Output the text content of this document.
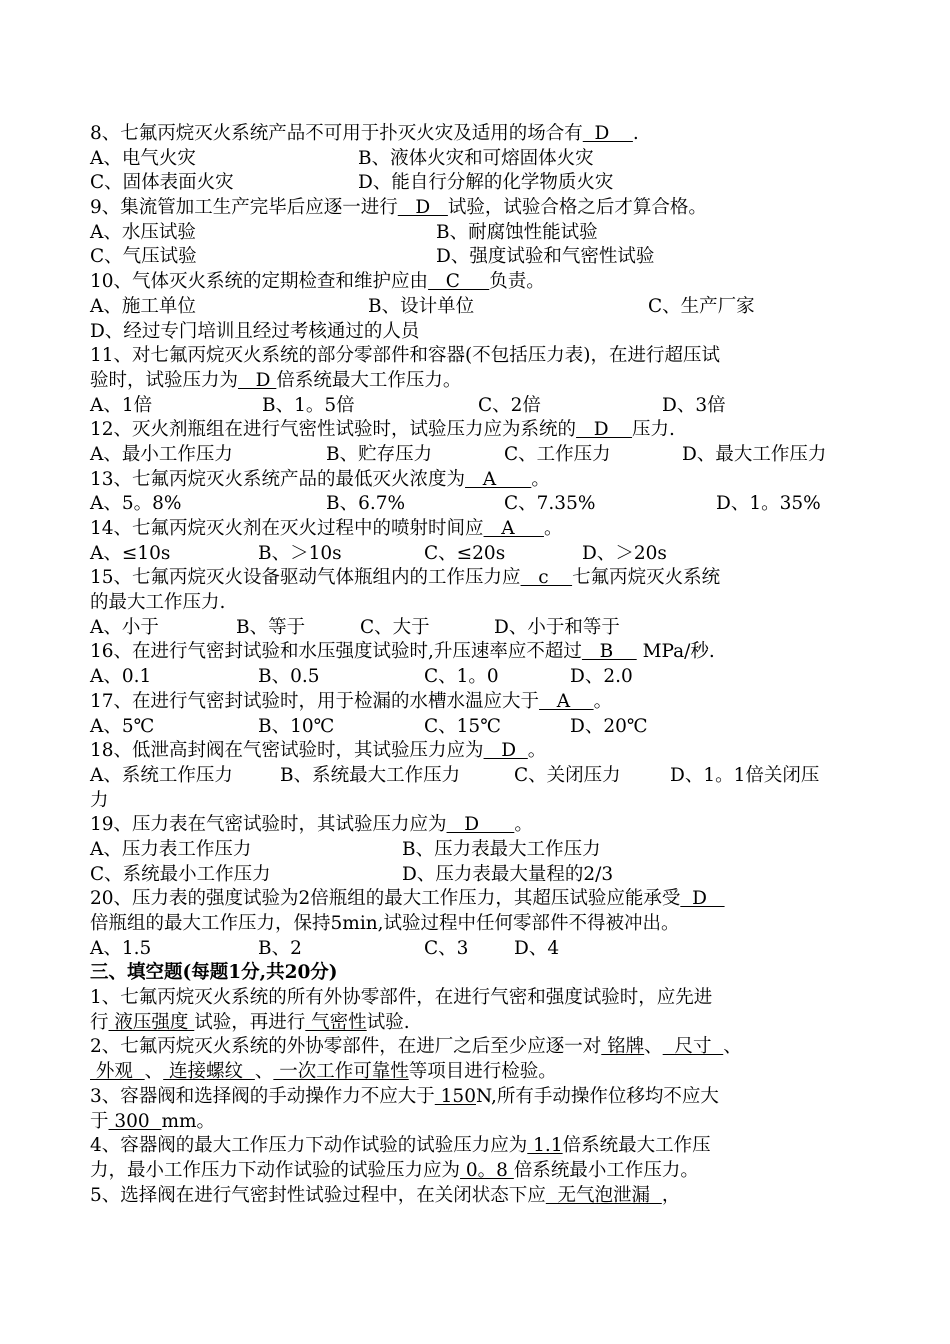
8、七氟丙烷灭火系统产品不可用于扑灭火灾及适用的场合有  D    .
A、电气火灾	B、液体火灾和可熔固体火灾
C、固体表面火灾	D、能自行分解的化学物质火灾
9、集流管加工生产完毕后应逐一进行   D   试验，试验合格之后才算合格。
A、水压试验	B、耐腐蚀性能试验
C、气压试验	D、强度试验和气密性试验
10、气体灭火系统的定期检查和维护应由   C     负责。
A、施工单位	B、设计单位	C、生产厂家
D、经过专门培训且经过考核通过的人员
11、对七氟丙烷灭火系统的部分零部件和容器(不包括压力表)，在进行超压试
验时，试验压力为   D 倍系统最大工作压力。
A、1倍	B、1。5倍	C、2倍	D、3倍
12、灭火剂瓶组在进行气密性试验时，试验压力应为系统的   D    压力.
A、最小工作压力	B、贮存压力	C、工作压力	D、最大工作压力
13、七氟丙烷灭火系统产品的最低灭火浓度为   A      。
A、5。8%	B、6.7%	C、7.35%	D、1。35%
14、七氟丙烷灭火剂在灭火过程中的喷射时间应   A     。
A、≤10s	B、＞10s	C、≤20s	D、＞20s
15、七氟丙烷灭火设备驱动气体瓶组内的工作压力应   c    七氟丙烷灭火系统
的最大工作压力.
A、小于	B、等于	C、大于	D、小于和等于
16、在进行气密封试验和水压强度试验时,升压速率应不超过   B     MPa/秒.
A、0.1	B、0.5	C、1。0	D、2.0
17、在进行气密封试验时，用于检漏的水槽水温应大于   A    。
A、5℃	B、10℃	C、15℃	D、20℃
18、低泄高封阀在气密试验时，其试验压力应为   D  。
A、系统工作压力	B、系统最大工作压力	C、关闭压力	D、1。1倍关闭压
力
19、压力表在气密试验时，其试验压力应为   D      。
A、压力表工作压力	B、压力表最大工作压力
C、系统最小工作压力	D、压力表最大量程的2/3
20、压力表的强度试验为2倍瓶组的最大工作压力，其超压试验应能承受  D
倍瓶组的最大工作压力，保持5min,试验过程中任何零部件不得被冲出。
A、1.5	B、2	C、3 D、4
三、填空题(每题1分,共20分)
1、七氟丙烷灭火系统的所有外协零部件，在进行气密和强度试验时，应先进
行 液压强度 试验，再进行 气密性试验.
2、七氟丙烷灭火系统的外协零部件，在进厂之后至少应逐一对 铭牌、  尺寸  、
外观  、 连接螺纹  、 一次工作可靠性等项目进行检验。
3、容器阀和选择阀的手动操作力不应大于 150N,所有手动操作位移均不应大
于 300  mm。
4、容器阀的最大工作压力下动作试验的试验压力应为 1.1倍系统最大工作压
力，最小工作压力下动作试验的试验压力应为 0。8 倍系统最小工作压力。
5、选择阀在进行气密封性试验过程中，在关闭状态下应  无气泡泄漏  ，
